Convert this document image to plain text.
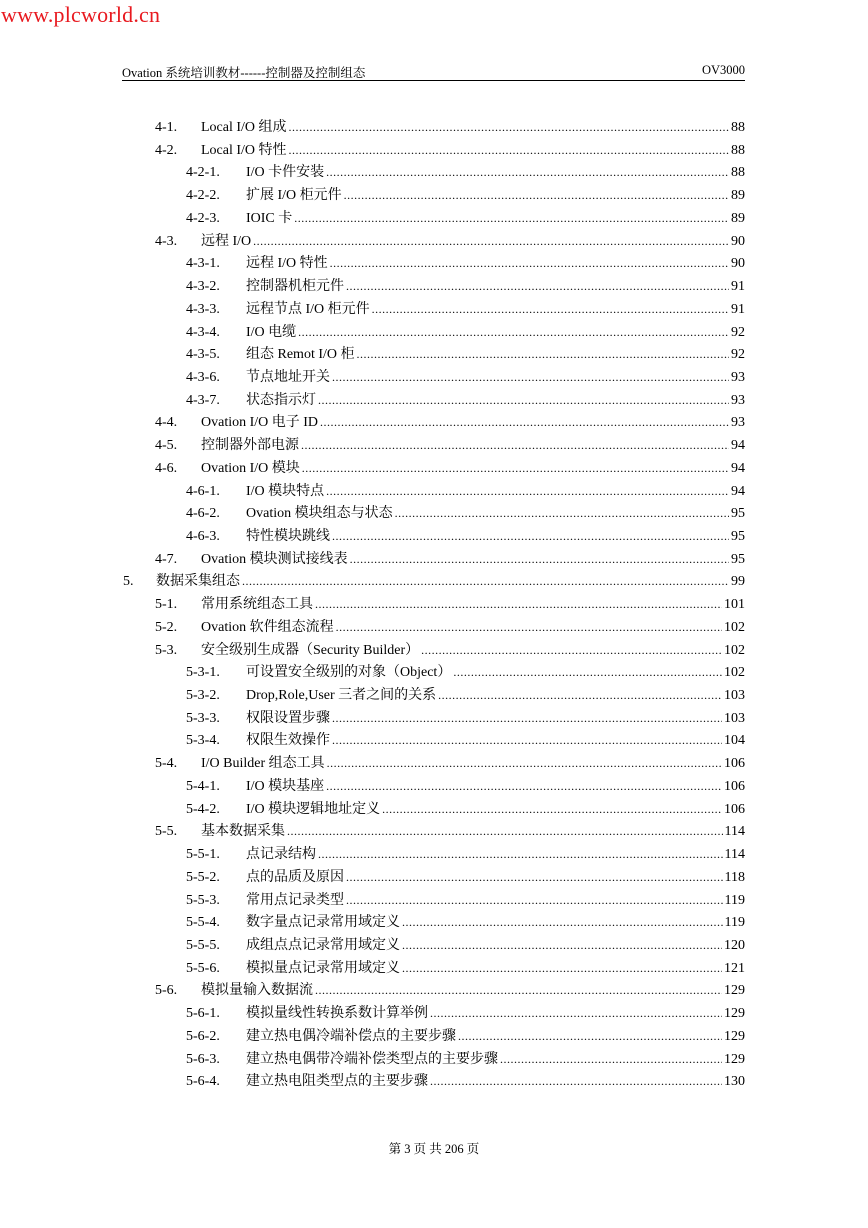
www.plcworld.cn
Ovation 系统培训教材------控制器及控制组态	OV3000
4-1.	Local I/O 组成 .....	88
4-2.	Local I/O 特性 .....	88
4-2-1.	I/O 卡件安装 .....	88
4-2-2.	扩展 I/O 柜元件 .....	89
4-2-3.	IOIC 卡 .....	89
4-3.	远程 I/O .....	90
4-3-1.	远程 I/O 特性 .....	90
4-3-2.	控制器机柜元件 .....	91
4-3-3.	远程节点 I/O 柜元件 .....	91
4-3-4.	I/O 电缆 .....	92
4-3-5.	组态 Remot I/O 柜 .....	92
4-3-6.	节点地址开关 .....	93
4-3-7.	状态指示灯 .....	93
4-4.	Ovation I/O 电子 ID .....	93
4-5.	控制器外部电源 .....	94
4-6.	Ovation I/O 模块 .....	94
4-6-1.	I/O 模块特点 .....	94
4-6-2.	Ovation 模块组态与状态 .....	95
4-6-3.	特性模块跳线 .....	95
4-7.	Ovation 模块测试接线表 .....	95
5.	数据采集组态 .....	99
5-1.	常用系统组态工具 .....	101
5-2.	Ovation 软件组态流程 .....	102
5-3.	安全级别生成器（Security Builder） .....	102
5-3-1.	可设置安全级别的对象（Object） .....	102
5-3-2.	Drop,Role,User 三者之间的关系 .....	103
5-3-3.	权限设置步骤 .....	103
5-3-4.	权限生效操作 .....	104
5-4.	I/O Builder 组态工具 .....	106
5-4-1.	I/O 模块基座 .....	106
5-4-2.	I/O 模块逻辑地址定义 .....	106
5-5.	基本数据采集 .....	114
5-5-1.	点记录结构 .....	114
5-5-2.	点的品质及原因 .....	118
5-5-3.	常用点记录类型 .....	119
5-5-4.	数字量点记录常用域定义 .....	119
5-5-5.	成组点点记录常用域定义 .....	120
5-5-6.	模拟量点记录常用域定义 .....	121
5-6.	模拟量输入数据流 .....	129
5-6-1.	模拟量线性转换系数计算举例 .....	129
5-6-2.	建立热电偶冷端补偿点的主要步骤 .....	129
5-6-3.	建立热电偶带冷端补偿类型点的主要步骤 .....	129
5-6-4.	建立热电阻类型点的主要步骤 .....	130
第 3 页 共 206 页
